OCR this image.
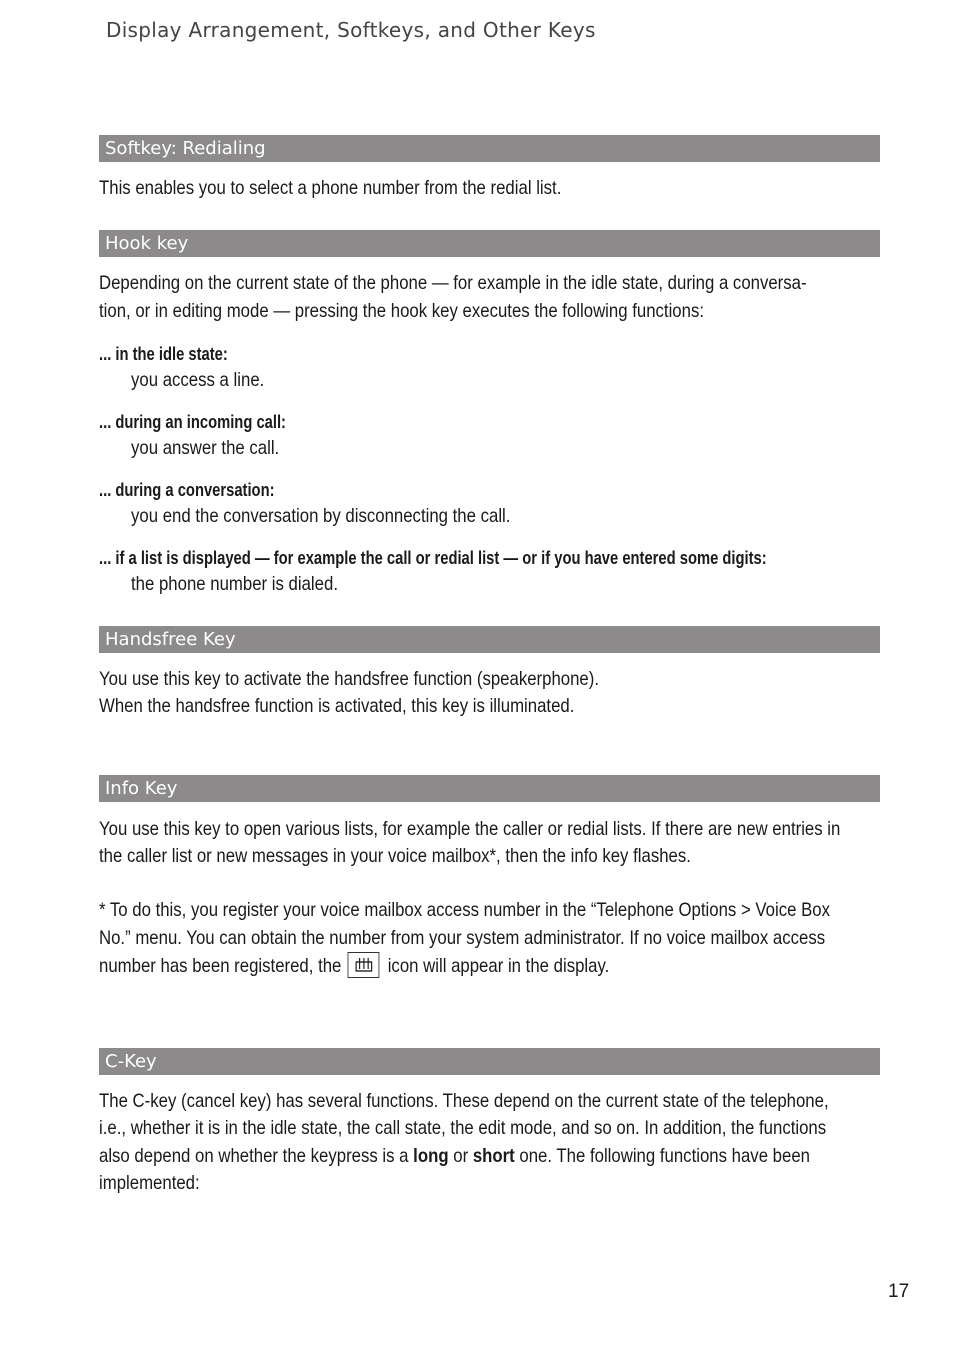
Display Arrangement, Softkeys, and Other Keys
Softkey: Redialing
This enables you to select a phone number from the redial list.
Hook key
Depending on the current state of the phone — for example in the idle state, during a conversa-
tion, or in editing mode — pressing the hook key executes the following functions:
... in the idle state:
you access a line.
... during an incoming call:
you answer the call.
... during a conversation:
you end the conversation by disconnecting the call.
... if a list is displayed — for example the call or redial list — or if you have entered some digits:
the phone number is dialed.
Handsfree Key
You use this key to activate the handsfree function (speakerphone).
When the handsfree function is activated, this key is illuminated.
Info Key
You use this key to open various lists, for example the caller or redial lists. If there are new entries in
the caller list or new messages in your voice mailbox*, then the info key flashes.
* To do this, you register your voice mailbox access number in the “Telephone Options > Voice Box
No.” menu. You can obtain the number from your system administrator. If no voice mailbox access
number has been registered, the icon will appear in the display.
C-Key
The C-key (cancel key) has several functions. These depend on the current state of the telephone,
i.e., whether it is in the idle state, the call state, the edit mode, and so on. In addition, the functions
also depend on whether the keypress is a long or short one. The following functions have been
implemented:
17
